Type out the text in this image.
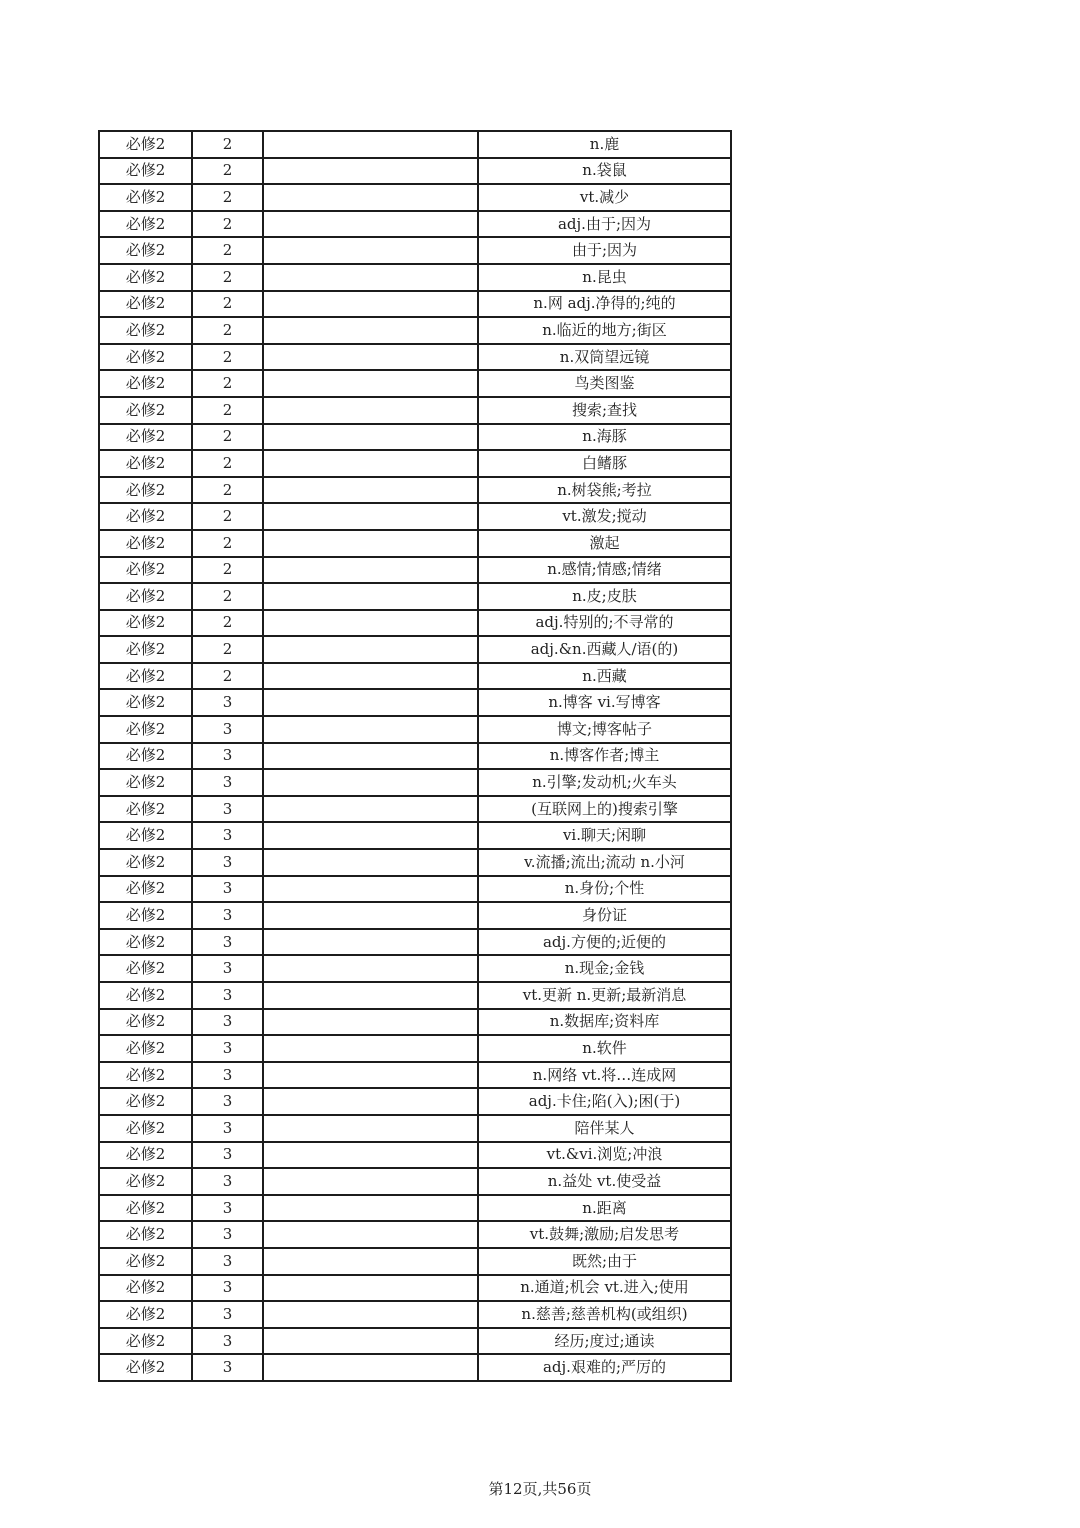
必修2	2		n.鹿
必修2	2		n.袋鼠
必修2	2		vt.减少
必修2	2		adj.由于;因为
必修2	2		由于;因为
必修2	2		n.昆虫
必修2	2		n.网 adj.净得的;纯的
必修2	2		n.临近的地方;街区
必修2	2		n.双筒望远镜
必修2	2		鸟类图鉴
必修2	2		搜索;查找
必修2	2		n.海豚
必修2	2		白鳍豚
必修2	2		n.树袋熊;考拉
必修2	2		vt.激发;搅动
必修2	2		激起
必修2	2		n.感情;情感;情绪
必修2	2		n.皮;皮肤
必修2	2		adj.特别的;不寻常的
必修2	2		adj.&n.西藏人/语(的)
必修2	2		n.西藏
必修2	3		n.博客 vi.写博客
必修2	3		博文;博客帖子
必修2	3		n.博客作者;博主
必修2	3		n.引擎;发动机;火车头
必修2	3		(互联网上的)搜索引擎
必修2	3		vi.聊天;闲聊
必修2	3		v.流播;流出;流动 n.小河
必修2	3		n.身份;个性
必修2	3		身份证
必修2	3		adj.方便的;近便的
必修2	3		n.现金;金钱
必修2	3		vt.更新 n.更新;最新消息
必修2	3		n.数据库;资料库
必修2	3		n.软件
必修2	3		n.网络 vt.将…连成网
必修2	3		adj.卡住;陷(入);困(于)
必修2	3		陪伴某人
必修2	3		vt.&vi.浏览;冲浪
必修2	3		n.益处 vt.使受益
必修2	3		n.距离
必修2	3		vt.鼓舞;激励;启发思考
必修2	3		既然;由于
必修2	3		n.通道;机会 vt.进入;使用
必修2	3		n.慈善;慈善机构(或组织)
必修2	3		经历;度过;通读
必修2	3		adj.艰难的;严厉的
第12页,共56页
